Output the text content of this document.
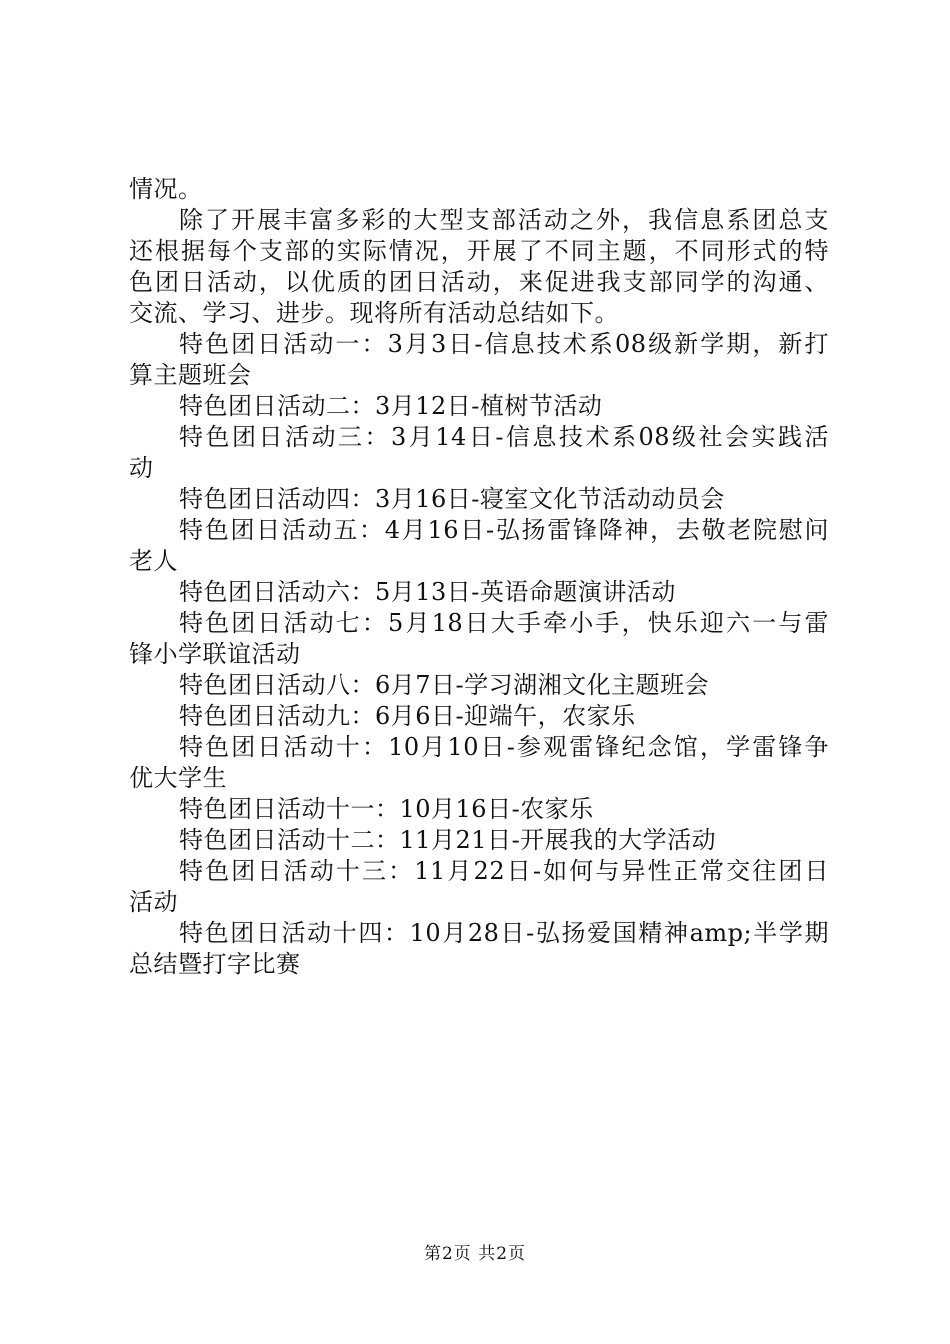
情况。
除了开展丰富多彩的大型支部活动之外，我信息系团总支
还根据每个支部的实际情况，开展了不同主题，不同形式的特
色团日活动，以优质的团日活动，来促进我支部同学的沟通、
交流、学习、进步。现将所有活动总结如下。
特色团日活动一：3月3日-信息技术系08级新学期，新打
算主题班会
特色团日活动二：3月12日-植树节活动
特色团日活动三：3月14日-信息技术系08级社会实践活
动
特色团日活动四：3月16日-寝室文化节活动动员会
特色团日活动五：4月16日-弘扬雷锋降神，去敬老院慰问
老人
特色团日活动六：5月13日-英语命题演讲活动
特色团日活动七：5月18日大手牵小手，快乐迎六一与雷
锋小学联谊活动
特色团日活动八：6月7日-学习湖湘文化主题班会
特色团日活动九：6月6日-迎端午，农家乐
特色团日活动十：10月10日-参观雷锋纪念馆，学雷锋争
优大学生
特色团日活动十一：10月16日-农家乐
特色团日活动十二：11月21日-开展我的大学活动
特色团日活动十三：11月22日-如何与异性正常交往团日
活动
特色团日活动十四：10月28日-弘扬爱国精神amp;半学期
总结暨打字比赛
第2页 共2页
